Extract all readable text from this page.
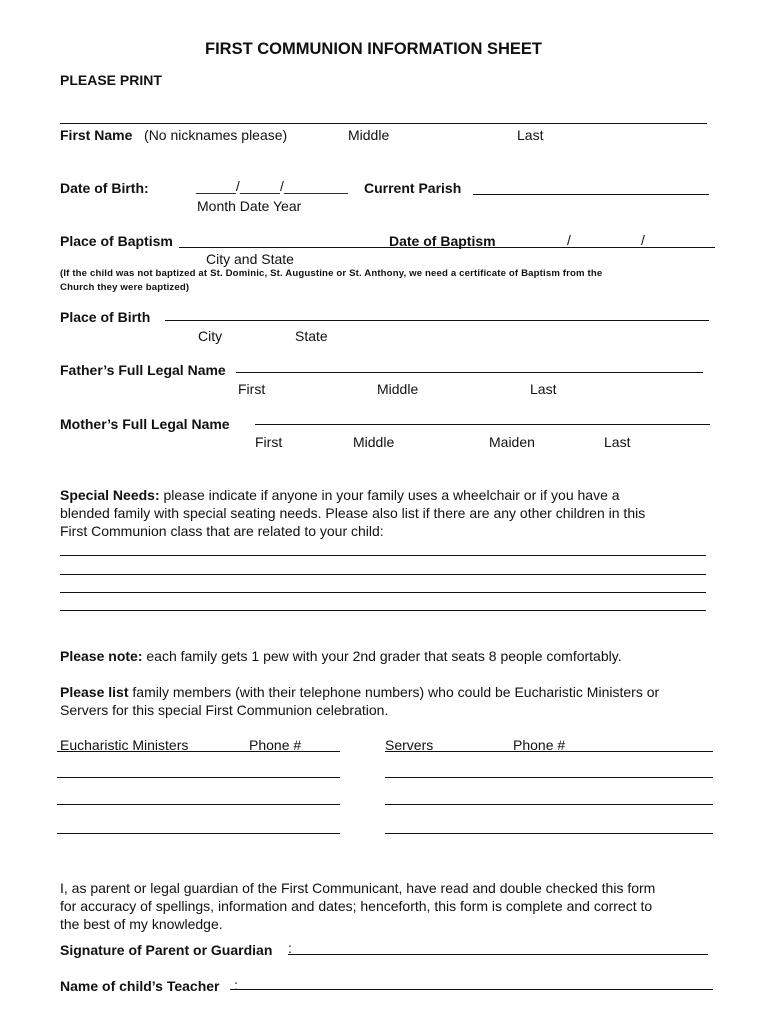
FIRST COMMUNION INFORMATION SHEET
PLEASE PRINT
First Name (No nicknames please)	Middle	Last
Date of Birth:	_____/_____/________
Month Date Year
Current Parish
Place of Baptism	Date of Baptism	/	/
City and State
(If the child was not baptized at St. Dominic, St. Augustine or St. Anthony, we need a certificate of Baptism from the
Church they were baptized)
Place of Birth
City	State
Father’s Full Legal Name
First	Middle	Last
Mother’s Full Legal Name
First	Middle	Maiden	Last
Special Needs: please indicate if anyone in your family uses a wheelchair or if you have a
blended family with special seating needs. Please also list if there are any other children in this
First Communion class that are related to your child:
Please note: each family gets 1 pew with your 2nd grader that seats 8 people comfortably.
Please list family members (with their telephone numbers) who could be Eucharistic Ministers or
Servers for this special First Communion celebration.
Eucharistic Ministers	Phone #	Servers	Phone #
I, as parent or legal guardian of the First Communicant, have read and double checked this form
for accuracy of spellings, information and dates; henceforth, this form is complete and correct to
the best of my knowledge.
Signature of Parent or Guardian :
Name of child’s Teacher :
